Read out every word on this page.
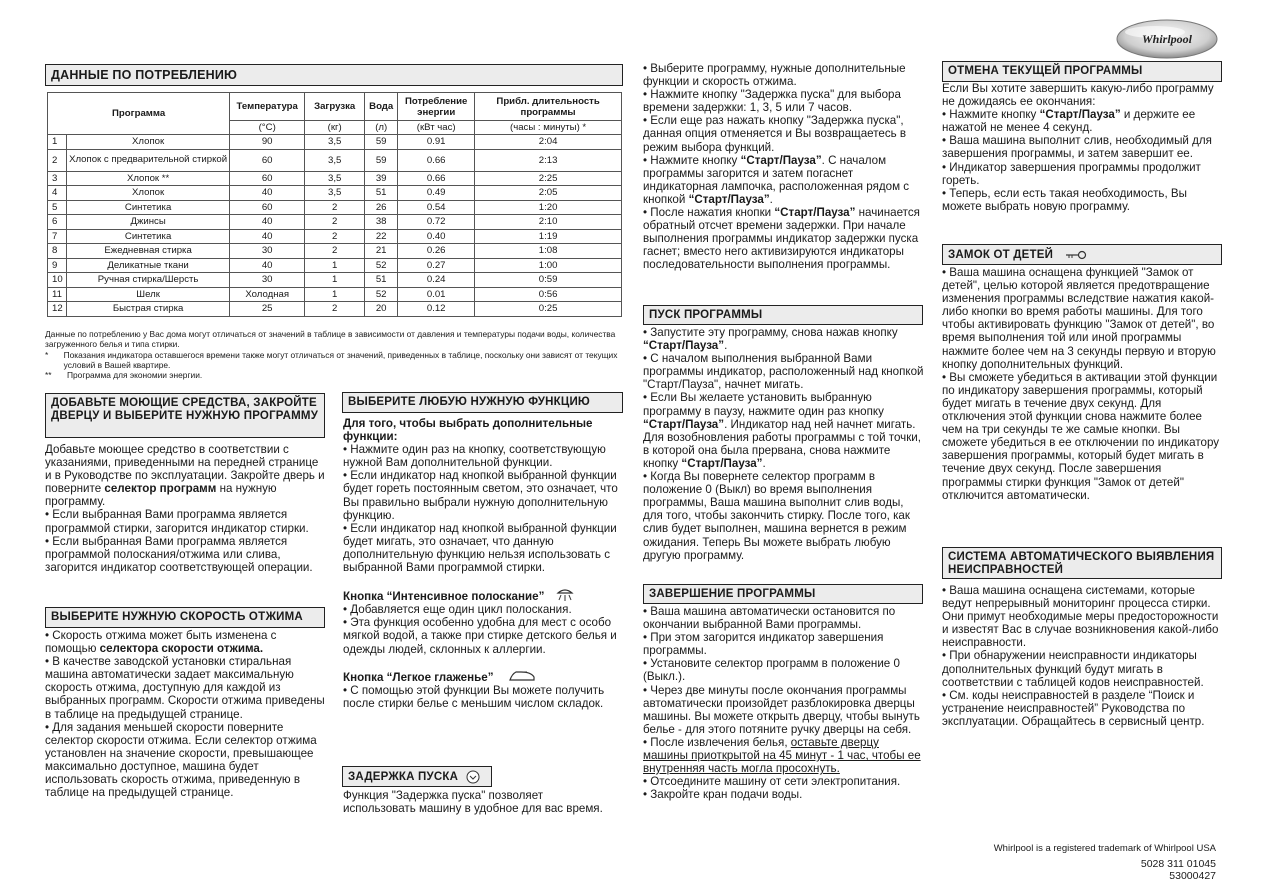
Whirlpool
ДАННЫЕ ПО ПОТРЕБЛЕНИЮ
Программа		Температура	Загрузка	Вода	Потребление энергии	Прибл. длительность программы
		(°C)	(кг)	(л)	(кВт час)	(часы : минуты) *
1	Хлопок	90	3,5	59	0.91	2:04
2	Хлопок с предварительной стиркой	60	3,5	59	0.66	2:13
3	Хлопок **	60	3,5	39	0.66	2:25
4	Хлопок	40	3,5	51	0.49	2:05
5	Синтетика	60	2	26	0.54	1:20
6	Джинсы	40	2	38	0.72	2:10
7	Синтетика	40	2	22	0.40	1:19
8	Ежедневная стирка	30	2	21	0.26	1:08
9	Деликатные ткани	40	1	52	0.27	1:00
10	Ручная стирка/Шерсть	30	1	51	0.24	0:59
11	Шелк	Холодная	1	52	0.01	0:56
12	Быстрая стирка	25	2	20	0.12	0:25
Данные по потреблению у Вас дома могут отличаться от значений в таблице в зависимости от давления и температуры подачи воды, количества загруженного белья и типа стирки.
*	Показания индикатора оставшегося времени также могут отличаться от значений, приведенных в таблице, поскольку они зависят от текущих условий в Вашей квартире.
**	Программа для экономии энергии.
ДОБАВЬТЕ МОЮЩИЕ СРЕДСТВА, ЗАКРОЙТЕ ДВЕРЦУ И ВЫБЕРИТЕ НУЖНУЮ ПРОГРАММУ

Добавьте моющее средство в соответствии с указаниями, приведенными на передней странице и в Руководстве по эксплуатации. Закройте дверь и поверните селектор программ на нужную программу.

• Если выбранная Вами программа является программой стирки, загорится индикатор стирки.

• Если выбранная Вами программа является программой полоскания/отжима или слива, загорится индикатор соответствующей операции.

ВЫБЕРИТЕ НУЖНУЮ СКОРОСТЬ ОТЖИМА

• Скорость отжима может быть изменена с помощью селектора скорости отжима.

• В качестве заводской установки стиральная машина автоматически задает максимальную скорость отжима, доступную для каждой из выбранных программ. Скорости отжима приведены в таблице на предыдущей странице.

• Для задания меньшей скорости поверните селектор скорости отжима. Если селектор отжима установлен на значение скорости, превышающее максимально доступное, машина будет использовать скорость отжима, приведенную в таблице на предыдущей странице.

ВЫБЕРИТЕ ЛЮБУЮ НУЖНУЮ ФУНКЦИЮ

Для того, чтобы выбрать дополнительные функции:

• Нажмите один раз на кнопку, соответствующую нужной Вам дополнительной функции.

• Если индикатор над кнопкой выбранной функции будет гореть постоянным светом, это означает, что Вы правильно выбрали нужную дополнительную функцию.

• Если индикатор над кнопкой выбранной функции будет мигать, это означает, что данную дополнительную функцию нельзя использовать с выбранной Вами программой стирки.

Кнопка “Интенсивное полоскание”

• Добавляется еще один цикл полоскания.

• Эта функция особенно удобна для мест с особо мягкой водой, а также при стирке детского белья и одежды людей, склонных к аллергии.

Кнопка “Легкое глаженье”

• С помощью этой функции Вы можете получить после стирки белье с меньшим числом складок.

ЗАДЕРЖКА ПУСКА

Функция "Задержка пуска" позволяет использовать машину в удобное для вас время.

• Выберите программу, нужные дополнительные функции и скорость отжима.

• Нажмите кнопку "Задержка пуска" для выбора времени задержки: 1, 3, 5 или 7 часов.

• Если еще раз нажать кнопку "Задержка пуска", данная опция отменяется и Вы возвращаетесь в режим выбора функций.

• Нажмите кнопку “Старт/Пауза”. С началом программы загорится и затем погаснет индикаторная лампочка, расположенная рядом с кнопкой “Старт/Пауза”.

• После нажатия кнопки “Старт/Пауза” начинается обратный отсчет времени задержки. При начале выполнения программы индикатор задержки пуска гаснет; вместо него активизируются индикаторы последовательности выполнения программы.

ПУСК ПРОГРАММЫ

• Запустите эту программу, снова нажав кнопку “Старт/Пауза”.

• С началом выполнения выбранной Вами программы индикатор, расположенный над кнопкой "Старт/Пауза", начнет мигать.

• Если Вы желаете установить выбранную программу в паузу, нажмите один раз кнопку “Старт/Пауза”. Индикатор над ней начнет мигать. Для возобновления работы программы с той точки, в которой она была прервана, снова нажмите кнопку “Старт/Пауза”.

• Когда Вы повернете селектор программ в положение 0 (Выкл) во время выполнения программы, Ваша машина выполнит слив воды, для того, чтобы закончить стирку. После того, как слив будет выполнен, машина вернется в режим ожидания. Теперь Вы можете выбрать любую другую программу.

ЗАВЕРШЕНИЕ ПРОГРАММЫ

• Ваша машина автоматически остановится по окончании выбранной Вами программы.

• При этом загорится индикатор завершения программы.

• Установите селектор программ в положение 0 (Выкл.).

• Через две минуты после окончания программы автоматически произойдет разблокировка дверцы машины. Вы можете открыть дверцу, чтобы вынуть белье - для этого потяните ручку дверцы на себя.

• После извлечения белья, оставьте дверцу машины приоткрытой на 45 минут - 1 час, чтобы ее внутренняя часть могла просохнуть.

• Отсоедините машину от сети электропитания.

• Закройте кран подачи воды.

ОТМЕНА ТЕКУЩЕЙ ПРОГРАММЫ

Если Вы хотите завершить какую-либо программу не дожидаясь ее окончания:

• Нажмите кнопку “Старт/Пауза” и держите ее нажатой не менее 4 секунд.

• Ваша машина выполнит слив, необходимый для завершения программы, и затем завершит ее.

• Индикатор завершения программы продолжит гореть.

• Теперь, если есть такая необходимость, Вы можете выбрать новую программу.

ЗАМОК ОТ ДЕТЕЙ

• Ваша машина оснащена функцией "Замок от детей", целью которой является предотвращение изменения программы вследствие нажатия какой-либо кнопки во время работы машины. Для того чтобы активировать функцию "Замок от детей", во время выполнения той или иной программы нажмите более чем на 3 секунды первую и вторую кнопку дополнительных функций.

• Вы сможете убедиться в активации этой функции по индикатору завершения программы, который будет мигать в течение двух секунд. Для отключения этой функции снова нажмите более чем на три секунды те же самые кнопки. Вы сможете убедиться в ее отключении по индикатору завершения программы, который будет мигать в течение двух секунд. После завершения программы стирки функция "Замок от детей" отключится автоматически.

СИСТЕМА АВТОМАТИЧЕСКОГО ВЫЯВЛЕНИЯ НЕИСПРАВНОСТЕЙ

• Ваша машина оснащена системами, которые ведут непрерывный мониторинг процесса стирки. Они примут необходимые меры предосторожности и известят Вас в случае возникновения какой-либо неисправности.

• При обнаружении неисправности индикаторы дополнительных функций будут мигать в соответствии с таблицей кодов неисправностей.

• См. коды неисправностей в разделе “Поиск и устранение неисправностей” Руководства по эксплуатации. Обращайтесь в сервисный центр.

Whirlpool is a registered trademark of Whirlpool USA
5028 311 01045
53000427
